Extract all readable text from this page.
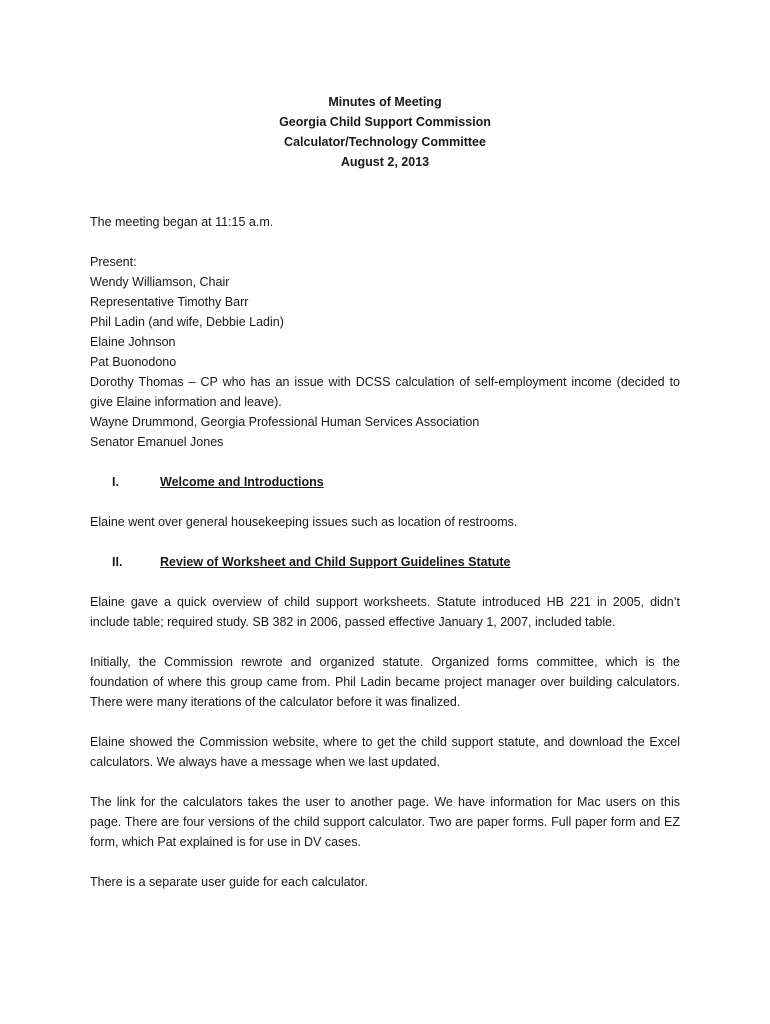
Minutes of Meeting
Georgia Child Support Commission
Calculator/Technology Committee
August 2, 2013

The meeting began at 11:15 a.m.

Present:

Wendy Williamson, Chair

Representative Timothy Barr

Phil Ladin (and wife, Debbie Ladin)

Elaine Johnson

Pat Buonodono

Dorothy Thomas – CP who has an issue with DCSS calculation of self-employment income (decided to give Elaine information and leave).

Wayne Drummond, Georgia Professional Human Services Association

Senator Emanuel Jones

I.	Welcome and Introductions

Elaine went over general housekeeping issues such as location of restrooms.

II.	Review of Worksheet and Child Support Guidelines Statute

Elaine gave a quick overview of child support worksheets. Statute introduced HB 221 in 2005, didn’t include table; required study. SB 382 in 2006, passed effective January 1, 2007, included table.

Initially, the Commission rewrote and organized statute. Organized forms committee, which is the foundation of where this group came from. Phil Ladin became project manager over building calculators. There were many iterations of the calculator before it was finalized.

Elaine showed the Commission website, where to get the child support statute, and download the Excel calculators. We always have a message when we last updated.

The link for the calculators takes the user to another page. We have information for Mac users on this page. There are four versions of the child support calculator. Two are paper forms. Full paper form and EZ form, which Pat explained is for use in DV cases.

There is a separate user guide for each calculator.
